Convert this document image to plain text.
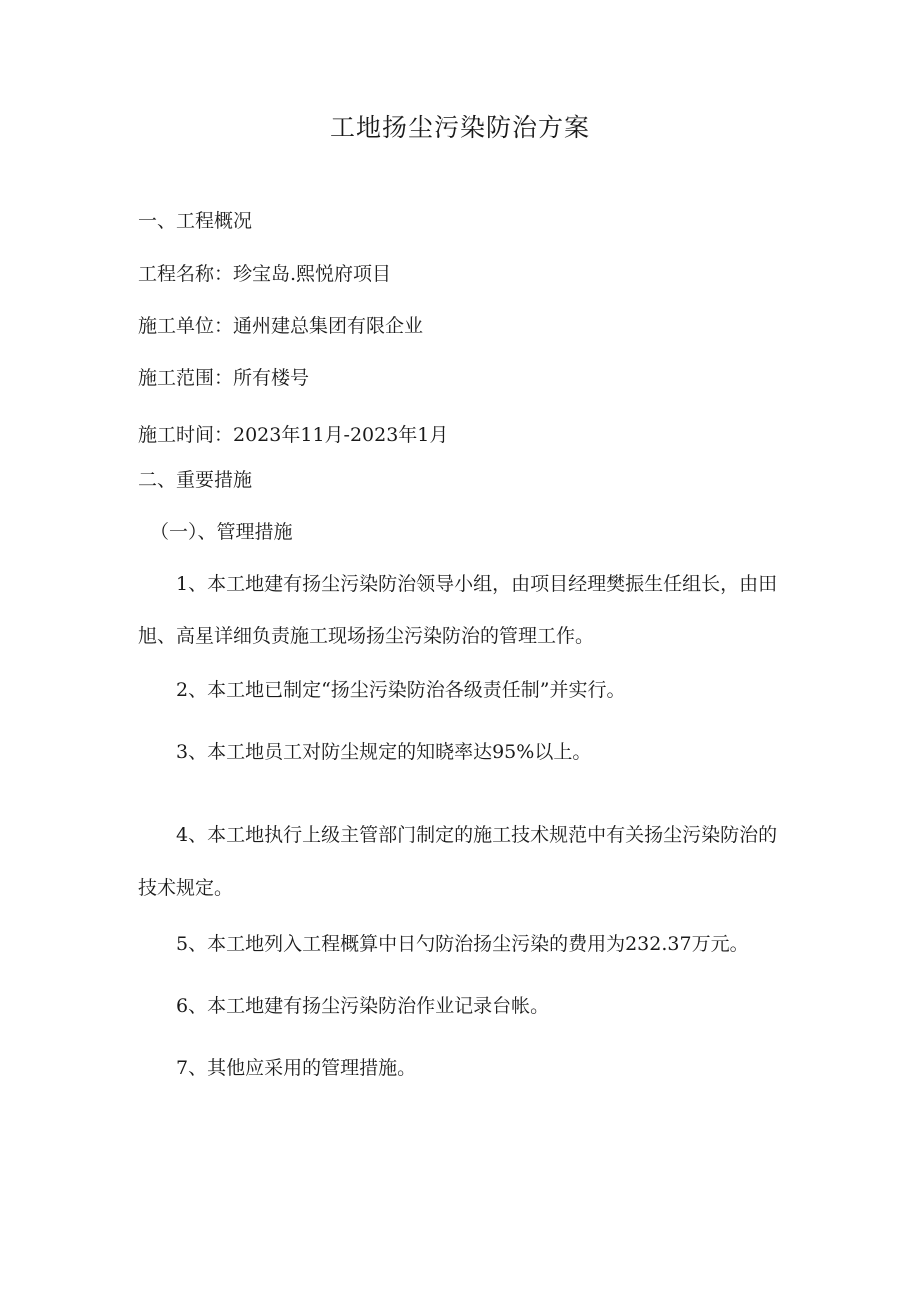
工地扬尘污染防治方案
一、工程概况
工程名称：珍宝岛.熙悦府项目
施工单位：通州建总集团有限企业
施工范围：所有楼号
施工时间：2023年11月-2023年1月
二、重要措施
（一）、管理措施
1、本工地建有扬尘污染防治领导小组，由项目经理樊振生任组长，由田
旭、高星详细负责施工现场扬尘污染防治的管理工作。
2、本工地已制定“扬尘污染防治各级责任制”并实行。
3、本工地员工对防尘规定的知晓率达95%以上。
4、本工地执行上级主管部门制定的施工技术规范中有关扬尘污染防治的
技术规定。
5、本工地列入工程概算中日勺防治扬尘污染的费用为232.37万元。
6、本工地建有扬尘污染防治作业记录台帐。
7、其他应采用的管理措施。
